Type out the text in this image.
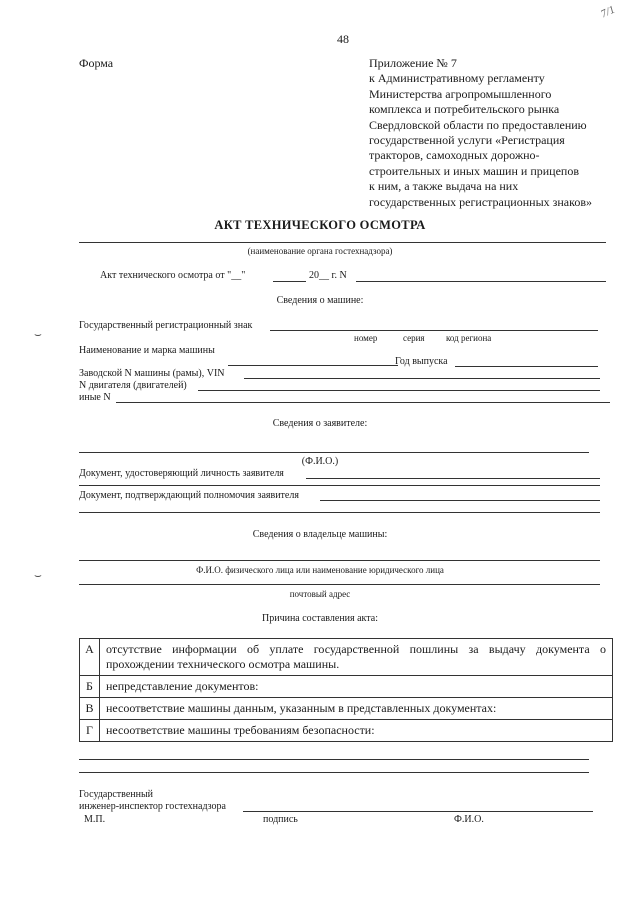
48
7/1
Форма	Приложение № 7
к Административному регламенту
Министерства агропромышленного
комплекса и потребительского рынка
Свердловской области по предоставлению
государственной услуги «Регистрация
тракторов, самоходных дорожно-
строительных и иных машин и прицепов
к ним, а также выдача на них
государственных регистрационных знаков»
АКТ ТЕХНИЧЕСКОГО ОСМОТРА
(наименование органа гостехнадзора)
Акт технического осмотра от "__"	20__ г. N
Сведения о машине:
Государственный регистрационный знак
номер	серия код региона
Наименование и марка машины
Год выпуска
Заводской N машины (рамы), VIN
N двигателя (двигателей)
иные N
Сведения о заявителе:
(Ф.И.О.)
Документ, удостоверяющий личность заявителя
Документ, подтверждающий полномочия заявителя
Сведения о владельце машины:
Ф.И.О. физического лица или наименование юридического лица
почтовый адрес
Причина составления акта:
А	отсутствие информации об уплате государственной пошлины за выдачу документа о прохождении технического осмотра машины.
Б	непредставление документов:
В	несоответствие машины данным, указанным в представленных документах:
Г	несоответствие машины требованиям безопасности:
Государственный
инженер-инспектор гостехнадзора
М.П.	подпись	Ф.И.О.
⌣
⌣
